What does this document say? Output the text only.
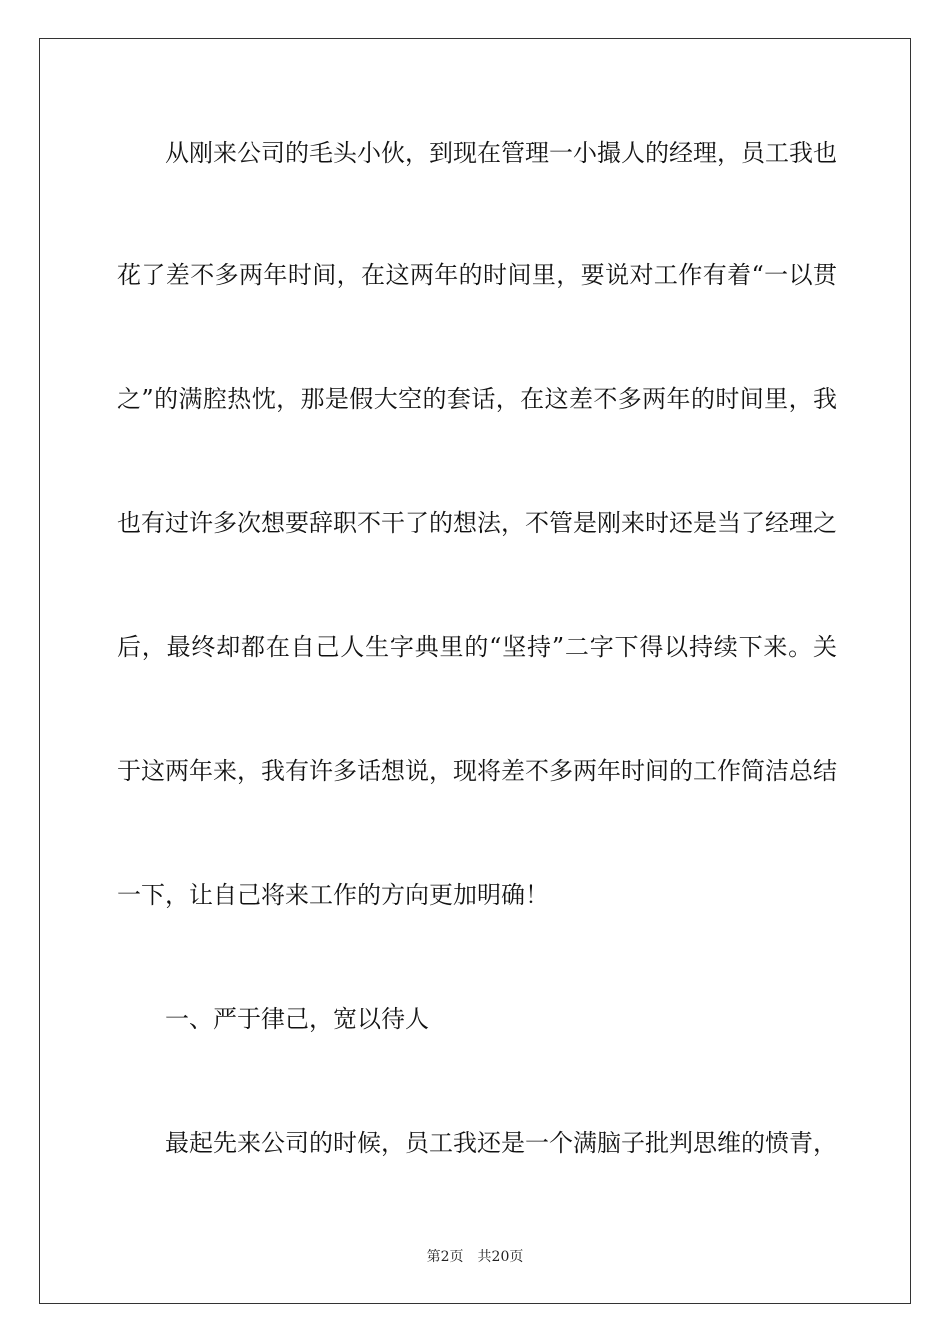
从刚来公司的毛头小伙，到现在管理一小撮人的经理，员工我也
花了差不多两年时间，在这两年的时间里，要说对工作有着“一以贯
之”的满腔热忱，那是假大空的套话，在这差不多两年的时间里，我
也有过许多次想要辞职不干了的想法，不管是刚来时还是当了经理之
后，最终却都在自己人生字典里的“坚持”二字下得以持续下来。关
于这两年来，我有许多话想说，现将差不多两年时间的工作简洁总结
一下，让自己将来工作的方向更加明确！
一、严于律己，宽以待人
最起先来公司的时候，员工我还是一个满脑子批判思维的愤青，
第2页 共20页
